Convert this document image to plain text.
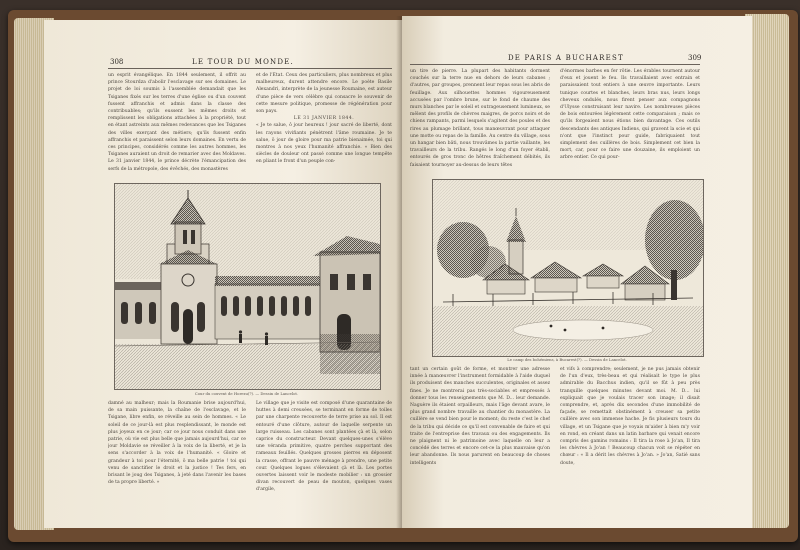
308	LE TOUR DU MONDE.
un esprit évangélique. En 1844 seulement, il offrit au prince Stourdza d'abolir l'esclavage sur ses domaines. Le projet de loi soumis à l'assemblée demandait que les Tsiganes fixés sur les terres d'une église ou d'un couvent fussent affranchis et admis dans la classe des contribuables; qu'ils eussent les mêmes droits et remplissent les obligations attachées à la propriété, tout en étant astreints aux mêmes redevances que les Tsiganes des villes exerçant des métiers; qu'ils fussent enfin affranchis et paraissent selon leurs domaines. En vertu de ces principes, considérés comme les autres hommes, les Tsiganes auraient un droit de remarier avec des Moldaves. Le 31 janvier 1844, le prince décrète l'émancipation des serfs de la métropole, des évêchés, des monastères
et de l'État. Ceux des particuliers, plus nombreux et plus malheureux, durent attendre encore. Le poète Basile Alexandri, interprète de la jeunesse Roumaine, est auteur d'une pièce de vers célèbre qui consacre le souvenir de cette mesure politique, promesse de régénération pour son pays.
LE 31 JANVIER 1844.
« Je te salue, ô jour heureux ! jour sacré de liberté, dont les rayons vivifiants pénètrent l'âme roumaine. Je te salue, ô jour de gloire pour ma patrie bienaimée, toi qui montres à nos yeux l'humanité affranchie. « Bien des siècles de douleur ont passé comme une longue tempête en pliant le front d'un peuple con-
Cour du couvent de Horezu(?). — Dessin de Lancelot.
damné au malheur; mais la Roumanie brise aujourd'hui, de sa main puissante, la chaîne de l'esclavage, et le Tsigane, libre enfin, se réveille au sein de hommes. « Le soleil de ce jour-là est plus resplendissant, le monde est plus joyeux en ce jour; car ce jour nous conduit dans une patrie, où vie est plus belle que jamais aujourd'hui, car ce jour Moldavie se réveiller à la voix de la liberté, et je la sens s'accorder à la voix de l'humanité. « Gloire et grandeur à toi pour l'éternité, ô ma belle patrie ! toi qui venu de sanctifier le droit et la justice ! Tes fers, en brisant le joug des Tsiganes, à jeté dans l'avenir les bases de ta propre liberté. »
Le village que je visite est composé d'une quarantaine de huttes à demi creusées, se terminant en forme de toiles par une charpente recouverte de terre prise au sol. Il est entouré d'une clôture, autour de laquelle serpente un large ruisseau. Les cabanes sont plantées çà et là, selon caprice du constructeur. Devant quelques-unes s'élève une véranda primitive, quatre perches supportant des rameaux feuillés. Quelques grosses pierres en déposent la crasse, offrant le pauvre ménage à prendre, une petite cour. Quelques logues s'élevaient çà et là. Les portes ouvertes laissent voir le modeste mobilier : un grossier divan recouvert de peau de mouton, quelques vases d'argile,
DE PARIS A BUCHAREST	309
un tire de pierre. La plupart des habitants dorment couchés sur la terre nue en dehors de leurs cabanes ; d'autres, par groupes, prennent leur repas sous les abris de feuillage. Aux silhouettes hommes vigoureusement accusées par l'ombre brune, sur le fond de chaume des murs blanches par le soleil et outrageusement lumineux, se mêlent des profils de chèvres maigres, de porcs noirs et de chiens rampants, parmi lesquels s'agitent des poules et des rires au plumage brillant, tous manœuvrant pour attaquer une motte ou repas de la famille. Au centre du village, sous un hangar bien bâti, nous trouvâmes la partie vaillante, les travailleurs de la tribu. Rangés le long d'un foyer établi, entourés de gros tronc de hêtres fraîchement débités, ils faisaient tournoyer au-dessus de leurs têtes
d'énormes barbes en fer rôtie. Les érables tournent autour d'eux et jouent le feu. Ils travaillaient avec entrain et paraissaient tout entiers à une œuvre importante. Leurs tunique courtes et blanches, leurs bras nus, leurs longs cheveux ondulés, nous firent penser aux compagnons d'Ulysse construisant leur navire. Les nombreuses pièces de bois entourées légèrement cette comparaison ; mais ce qu'ils forgeaient nous étions bien davantage. Ces outils descendants des antiques Indiens, qui gravent la scie et qui n'ont que l'instinct pour guide, fabriquaient tout simplement des cuillères de bois. Simplement cet bien la mort, car, pour ce faire une douzaine, ils emploient un arbre entier. Ce qui pour-
Le camp des bohémiens, à Bucarest(?). — Dessin de Lancelot.
tant un certain goût de forme, et montrer une adresse innée à manœuvrer l'instrument formidable à l'aide duquel ils produisent des manches succulentes, originales et assez fines. Je ne montrerai pas très-sociables et empressés à donner tous les renseignements que M. D... leur demande. Naguère ils étaient orpailleurs, mais l'âge devant avare, le plus grand nombre travaille au chantier du monastère. La cuillère se vend bien pour le moment; du reste c'est le chef de la tribu qui décide ce qu'il est convenable de faire et qui traite de l'entreprise des travaux ou des engagements. Ils ne plaignent ni le patrimoine avec laquelle on leur a concédé des terres et encore cet-ce la plus mauvaise qu'on leur abandonne. Ils nous parurent en beaucoup de choses intelligents
et vifs à comprendre; seulement, je ne pus jamais obtenir de l'un d'eux, très-beau et qui réalisait le type le plus admirable du Bacchus indien, qu'il se fût à peu près tranquille quelques minutes devant moi. M. D... lui expliquait que je voulais tracer son image; il disait comprendre, et, après dix secondes d'une immobilité de façade, se remettait obstinément à creuser sa petite cuillère avec son immense hache. Je fis plusieurs tours du village, et un Tsigane que je voyais m'aider à bien m'y voir en rond, en créant dans un latin barbare qui venait encore compris des gamins romains : Il tira la rose à Jo'an, Il tira les chèvres à Jo'an ! Beaucoup chacun voit se répéter en chœur : « Il a dérit les chèvres à Jo'an. » Jo'an, Satié sans doute,
